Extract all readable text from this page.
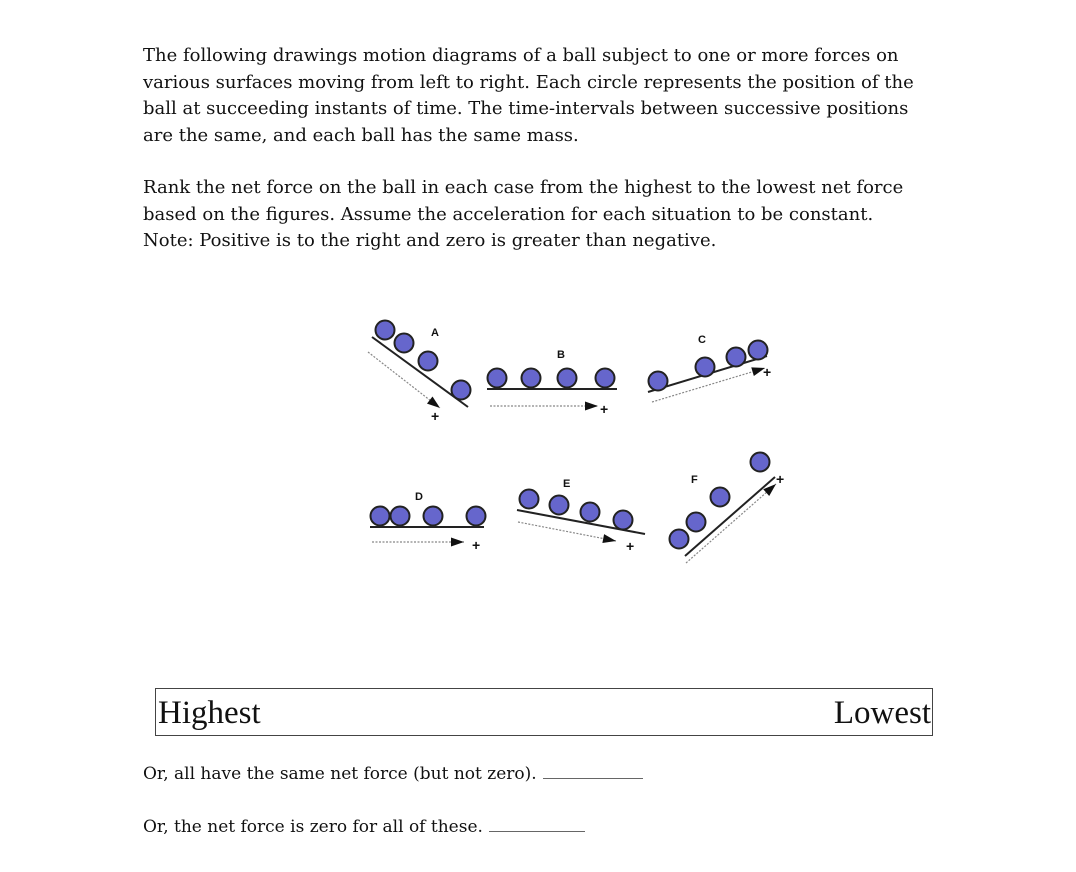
The following drawings motion diagrams of a ball subject to one or more forces on
various surfaces moving from left to right. Each circle represents the position of the
ball at succeeding instants of time. The time-intervals between successive positions
are the same, and each ball has the same mass.
Rank the net force on the ball in each case from the highest to the lowest net force
based on the figures. Assume the acceleration for each situation to be constant.
Note: Positive is to the right and zero is greater than negative.
A
+
B
+
C
+
D
+
E
+
F	+
Highest	Lowest
Or, all have the same net force (but not zero).
Or, the net force is zero for all of these.
